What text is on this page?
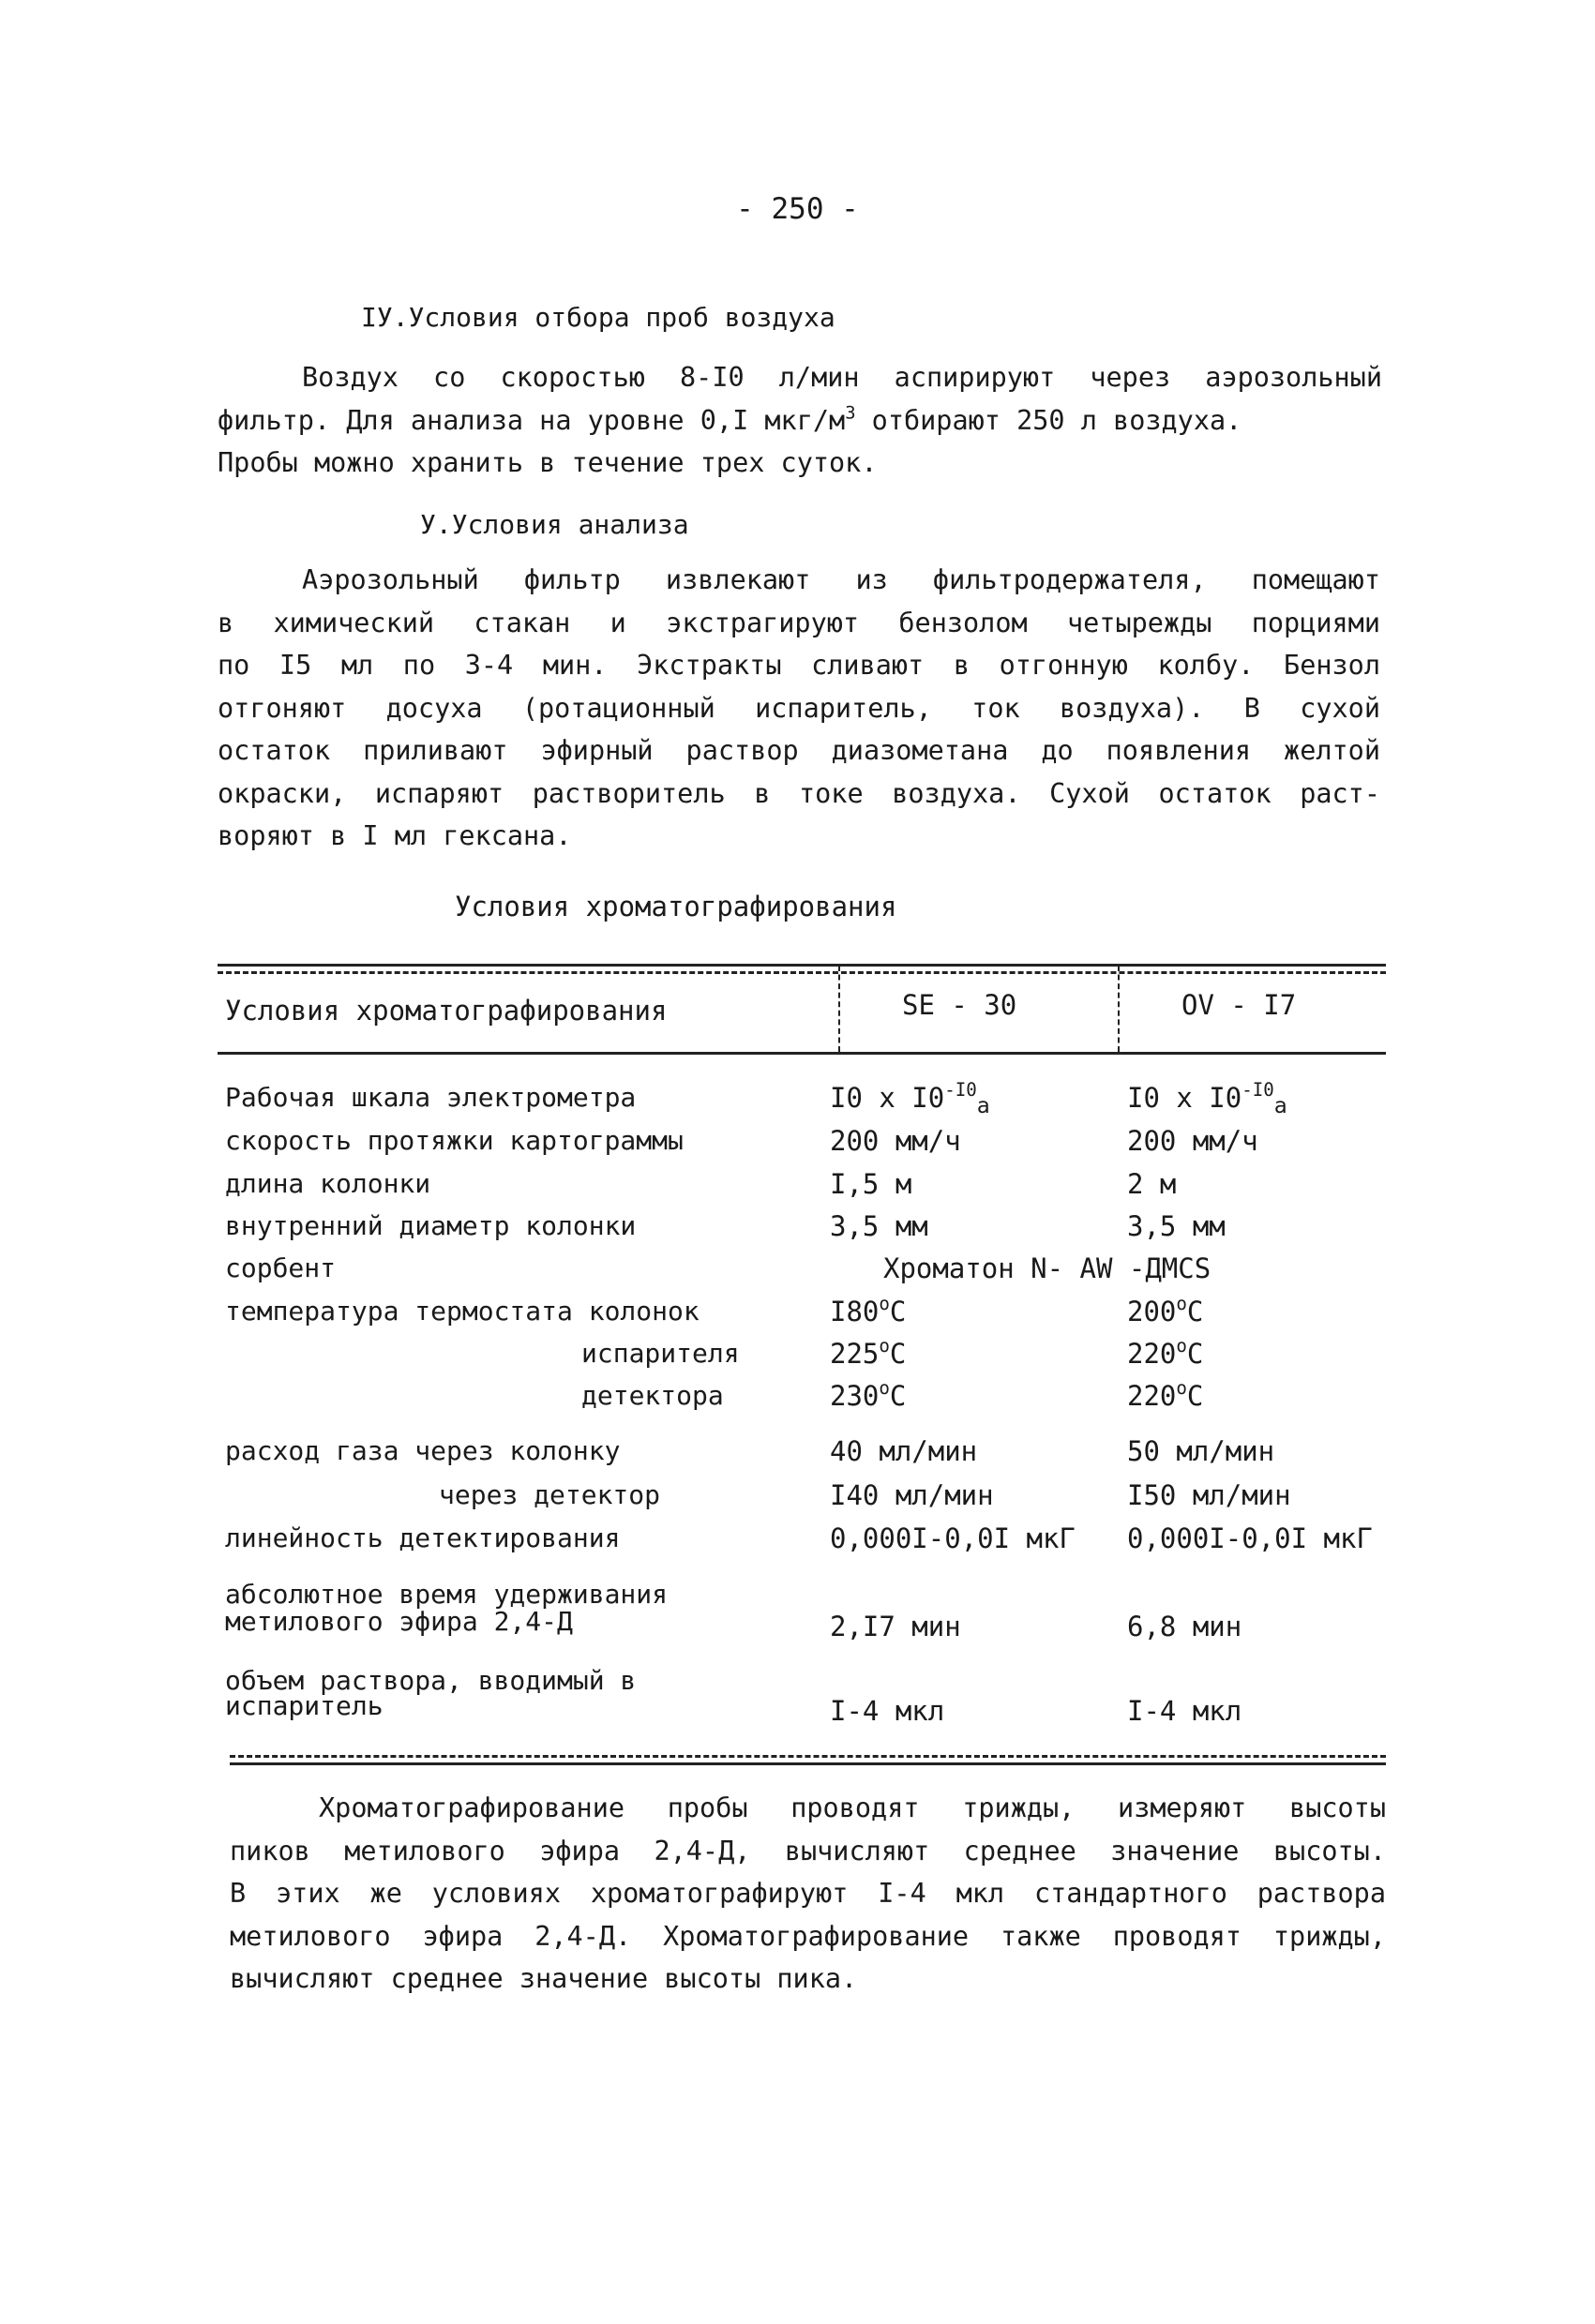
- 250 -
IУ.Условия отбора проб воздуха
Воздух со скоростью 8-I0 л/мин аспирируют через аэрозольный
фильтр. Для анализа на уровне 0,I мкг/$м^3$ отбирают 250 л воздуха.
Пробы можно хранить в течение трех суток.
У.Условия анализа
Аэрозольный фильтр извлекают из фильтродержателя, помещают
в химический стакан и экстрагируют бензолом четырежды порциями
по I5 мл по 3-4 мин. Экстракты сливают в отгонную колбу. Бензол
отгоняют досуха (ротационный испаритель, ток воздуха). В сухой
остаток приливают эфирный раствор диазометана до появления желтой
окраски, испаряют растворитель в токе воздуха. Сухой остаток раст-
воряют в I мл гексана.
Условия хроматографирования
Условия хроматографирования	SE - 30	OV - I7
Рабочая шкала электрометра	I0 x $I0^{-I0}_a$	I0 x $I0^{-I0}_a$
скорость протяжки картограммы	200 мм/ч	200 мм/ч
длина колонки	I,5 м	2 м
внутренний диаметр колонки	3,5 мм	3,5 мм
сорбент	Хроматон N- AW -ДМСS
температура термостата колонок	I80$^o$C	200$^o$C
испарителя	225$^o$C	220$^o$C
детектора	230$^o$C	220$^o$C
расход газа через колонку	40 мл/мин	50 мл/мин
через детектор	I40 мл/мин	I50 мл/мин
линейность детектирования	0,000I-0,0I мкГ 0,000I-0,0I мкГ
абсолютное время удерживания
метилового эфира 2,4-Д	2,I7 мин	6,8 мин
объем раствора, вводимый в
испаритель	I-4 мкл	I-4 мкл
Хроматографирование пробы проводят трижды, измеряют высоты
пиков метилового эфира 2,4-Д, вычисляют среднее значение высоты.
В этих же условиях хроматографируют I-4 мкл стандартного раствора
метилового эфира 2,4-Д. Хроматографирование также проводят трижды,
вычисляют среднее значение высоты пика.
